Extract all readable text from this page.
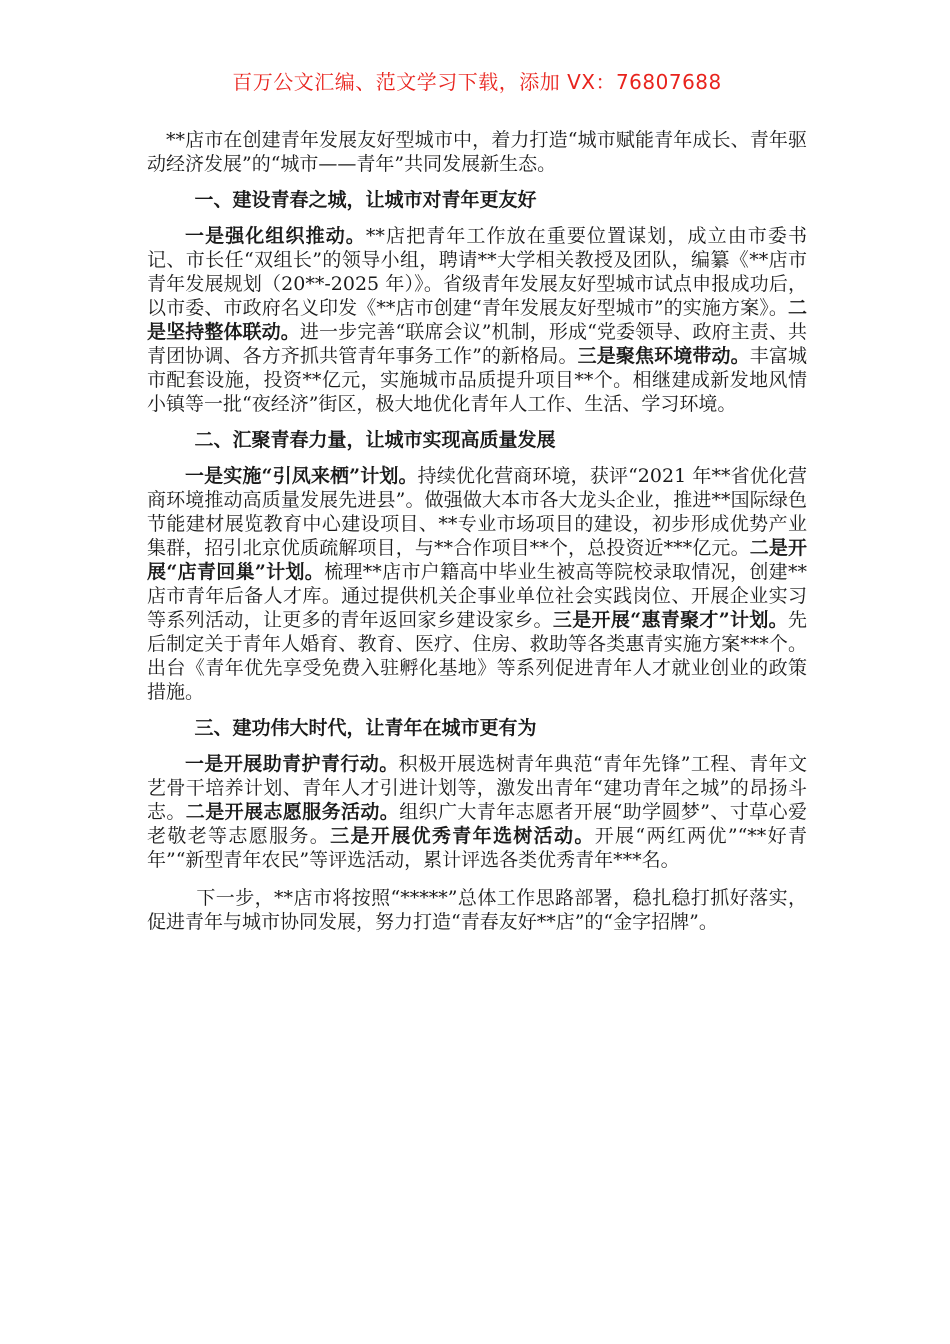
百万公文汇编、范文学习下载，添加 VX：76807688

**店市在创建青年发展友好型城市中，着力打造“城市赋能青年成长、青年驱动经济发展”的“城市——青年”共同发展新生态。

一、建设青春之城，让城市对青年更友好

一是强化组织推动。**店把青年工作放在重要位置谋划，成立由市委书记、市长任“双组长”的领导小组，聘请**大学相关教授及团队，编纂《**店市青年发展规划（20**-2025 年）》。省级青年发展友好型城市试点申报成功后，以市委、市政府名义印发《**店市创建“青年发展友好型城市”的实施方案》。二是坚持整体联动。进一步完善“联席会议”机制，形成“党委领导、政府主责、共青团协调、各方齐抓共管青年事务工作”的新格局。三是聚焦环境带动。丰富城市配套设施，投资**亿元，实施城市品质提升项目**个。相继建成新发地风情小镇等一批“夜经济”街区，极大地优化青年人工作、生活、学习环境。

二、汇聚青春力量，让城市实现高质量发展

一是实施“引凤来栖”计划。持续优化营商环境，获评“2021 年**省优化营商环境推动高质量发展先进县”。做强做大本市各大龙头企业，推进**国际绿色节能建材展览教育中心建设项目、**专业市场项目的建设，初步形成优势产业集群，招引北京优质疏解项目，与**合作项目**个，总投资近***亿元。二是开展“店青回巢”计划。梳理**店市户籍高中毕业生被高等院校录取情况，创建**店市青年后备人才库。通过提供机关企事业单位社会实践岗位、开展企业实习等系列活动，让更多的青年返回家乡建设家乡。三是开展“惠青聚才”计划。先后制定关于青年人婚育、教育、医疗、住房、救助等各类惠青实施方案***个。出台《青年优先享受免费入驻孵化基地》等系列促进青年人才就业创业的政策措施。

三、建功伟大时代，让青年在城市更有为

一是开展助青护青行动。积极开展选树青年典范“青年先锋”工程、青年文艺骨干培养计划、青年人才引进计划等，激发出青年“建功青年之城”的昂扬斗志。二是开展志愿服务活动。组织广大青年志愿者开展“助学圆梦”、寸草心爱老敬老等志愿服务。三是开展优秀青年选树活动。开展“两红两优”“**好青年”“新型青年农民”等评选活动，累计评选各类优秀青年***名。

下一步，**店市将按照“*****”总体工作思路部署，稳扎稳打抓好落实，促进青年与城市协同发展，努力打造“青春友好**店”的“金字招牌”。
